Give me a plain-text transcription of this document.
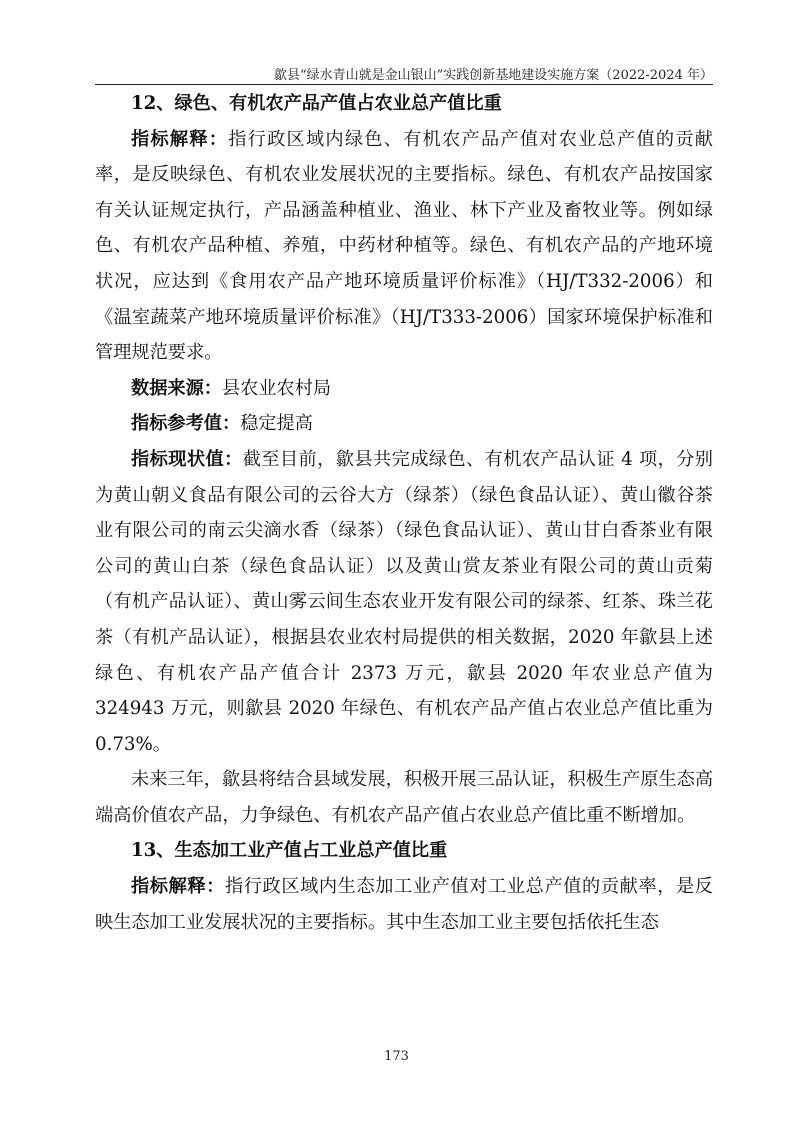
歙县“绿水青山就是金山银山”实践创新基地建设实施方案（2022-2024 年）

12、绿色、有机农产品产值占农业总产值比重

指标解释：指行政区域内绿色、有机农产品产值对农业总产值的贡献率，是反映绿色、有机农业发展状况的主要指标。绿色、有机农产品按国家有关认证规定执行，产品涵盖种植业、渔业、林下产业及畜牧业等。例如绿色、有机农产品种植、养殖，中药材种植等。绿色、有机农产品的产地环境状况，应达到《食用农产品产地环境质量评价标准》（HJ/T332-2006）和《温室蔬菜产地环境质量评价标准》（HJ/T333-2006）国家环境保护标准和管理规范要求。

数据来源：县农业农村局

指标参考值：稳定提高

指标现状值：截至目前，歙县共完成绿色、有机农产品认证 4 项，分别为黄山朝义食品有限公司的云谷大方（绿茶）（绿色食品认证）、黄山徽谷茶业有限公司的南云尖滴水香（绿茶）（绿色食品认证）、黄山甘白香茶业有限公司的黄山白茶（绿色食品认证）以及黄山赏友茶业有限公司的黄山贡菊（有机产品认证）、黄山雾云间生态农业开发有限公司的绿茶、红茶、珠兰花茶（有机产品认证），根据县农业农村局提供的相关数据，2020 年歙县上述绿色、有机农产品产值合计 2373 万元，歙县 2020 年农业总产值为 324943 万元，则歙县 2020 年绿色、有机农产品产值占农业总产值比重为 0.73%。

未来三年，歙县将结合县域发展，积极开展三品认证，积极生产原生态高端高价值农产品，力争绿色、有机农产品产值占农业总产值比重不断增加。

13、生态加工业产值占工业总产值比重

指标解释：指行政区域内生态加工业产值对工业总产值的贡献率，是反映生态加工业发展状况的主要指标。其中生态加工业主要包括依托生态

173
